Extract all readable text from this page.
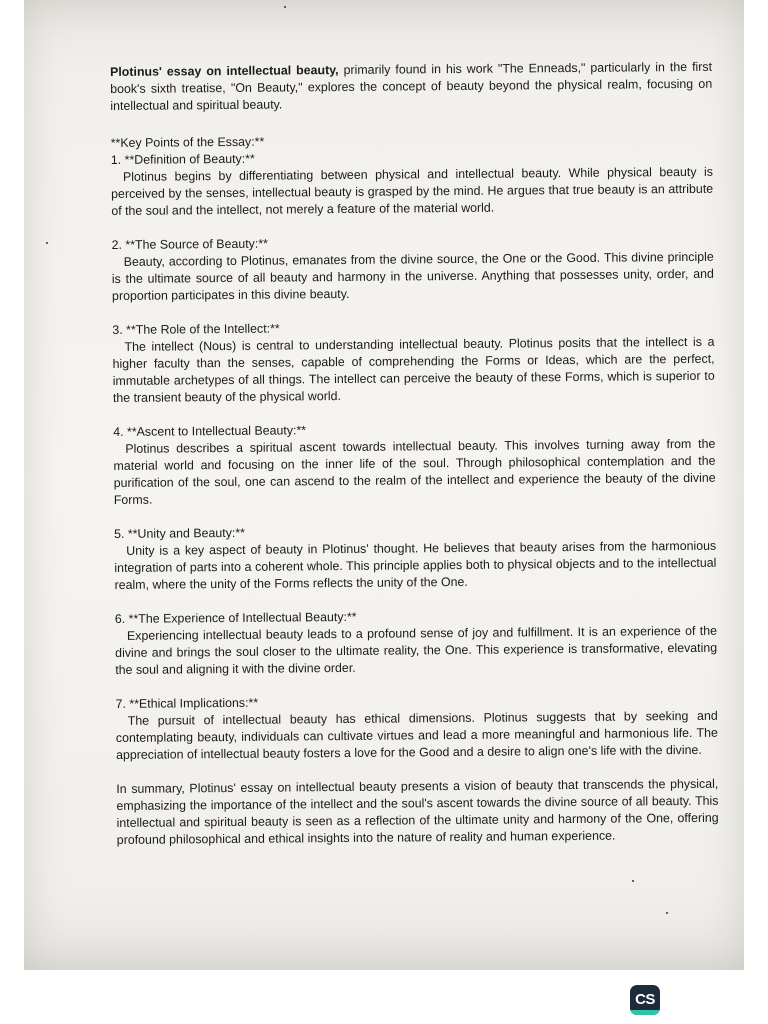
Plotinus' essay on intellectual beauty, primarily found in his work "The Enneads," particularly in the first book's sixth treatise, "On Beauty," explores the concept of beauty beyond the physical realm, focusing on intellectual and spiritual beauty.

**Key Points of the Essay:**

1. **Definition of Beauty:**

Plotinus begins by differentiating between physical and intellectual beauty. While physical beauty is perceived by the senses, intellectual beauty is grasped by the mind. He argues that true beauty is an attribute of the soul and the intellect, not merely a feature of the material world.

2. **The Source of Beauty:**

Beauty, according to Plotinus, emanates from the divine source, the One or the Good. This divine principle is the ultimate source of all beauty and harmony in the universe. Anything that possesses unity, order, and proportion participates in this divine beauty.

3. **The Role of the Intellect:**

The intellect (Nous) is central to understanding intellectual beauty. Plotinus posits that the intellect is a higher faculty than the senses, capable of comprehending the Forms or Ideas, which are the perfect, immutable archetypes of all things. The intellect can perceive the beauty of these Forms, which is superior to the transient beauty of the physical world.

4. **Ascent to Intellectual Beauty:**

Plotinus describes a spiritual ascent towards intellectual beauty. This involves turning away from the material world and focusing on the inner life of the soul. Through philosophical contemplation and the purification of the soul, one can ascend to the realm of the intellect and experience the beauty of the divine Forms.

5. **Unity and Beauty:**

Unity is a key aspect of beauty in Plotinus' thought. He believes that beauty arises from the harmonious integration of parts into a coherent whole. This principle applies both to physical objects and to the intellectual realm, where the unity of the Forms reflects the unity of the One.

6. **The Experience of Intellectual Beauty:**

Experiencing intellectual beauty leads to a profound sense of joy and fulfillment. It is an experience of the divine and brings the soul closer to the ultimate reality, the One. This experience is transformative, elevating the soul and aligning it with the divine order.

7. **Ethical Implications:**

The pursuit of intellectual beauty has ethical dimensions. Plotinus suggests that by seeking and contemplating beauty, individuals can cultivate virtues and lead a more meaningful and harmonious life. The appreciation of intellectual beauty fosters a love for the Good and a desire to align one's life with the divine.

In summary, Plotinus' essay on intellectual beauty presents a vision of beauty that transcends the physical, emphasizing the importance of the intellect and the soul's ascent towards the divine source of all beauty. This intellectual and spiritual beauty is seen as a reflection of the ultimate unity and harmony of the One, offering profound philosophical and ethical insights into the nature of reality and human experience.

CS
